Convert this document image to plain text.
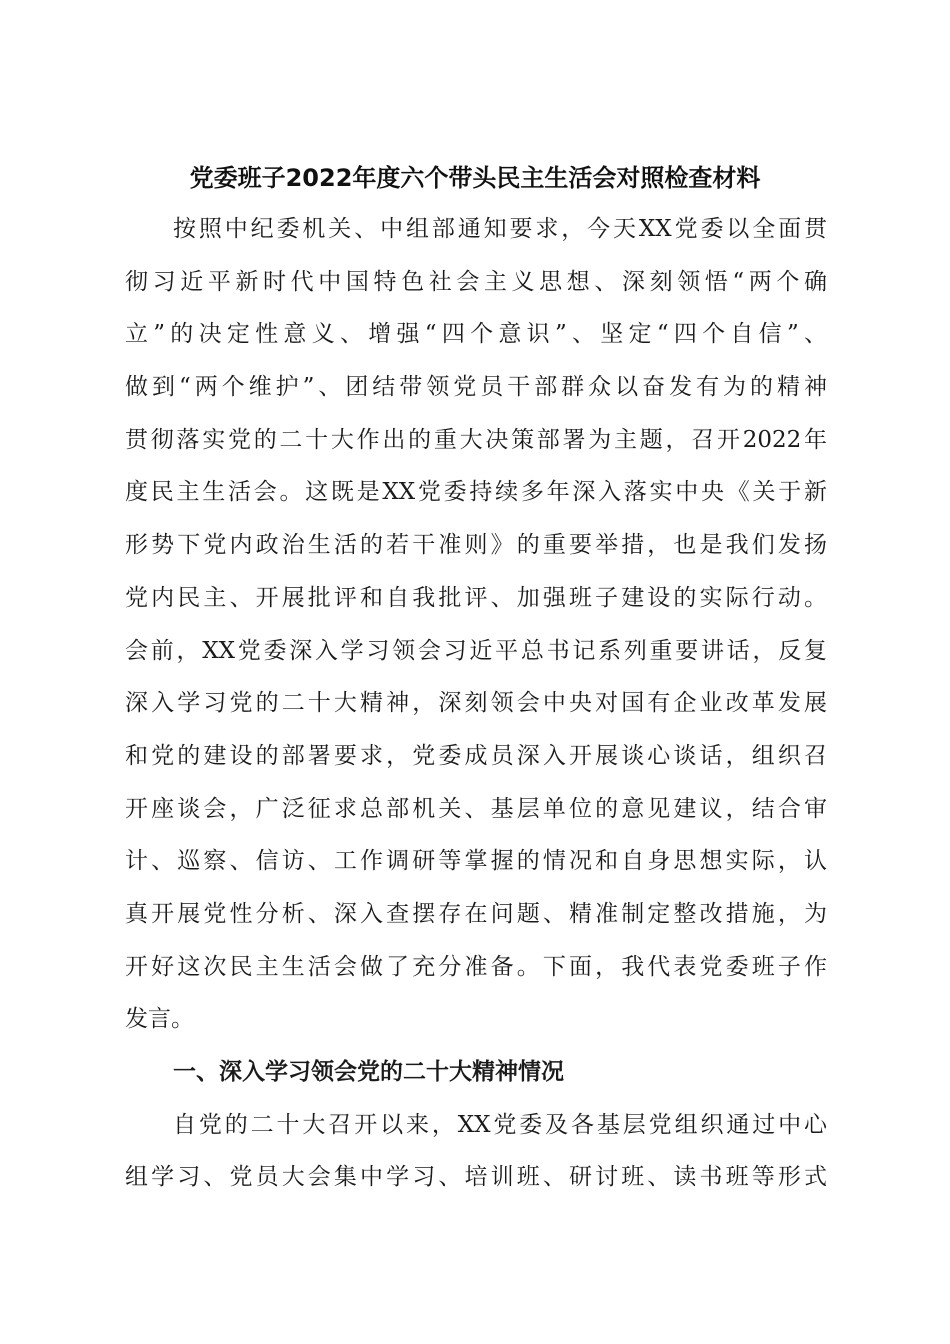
党委班子2022年度六个带头民主生活会对照检查材料
按照中纪委机关、中组部通知要求，今天XX党委以全面贯
彻习近平新时代中国特色社会主义思想、深刻领悟“两个确
立”的决定性意义、增强“四个意识”、坚定“四个自信”、
做到“两个维护”、团结带领党员干部群众以奋发有为的精神
贯彻落实党的二十大作出的重大决策部署为主题，召开2022年
度民主生活会。这既是XX党委持续多年深入落实中央《关于新
形势下党内政治生活的若干准则》的重要举措，也是我们发扬
党内民主、开展批评和自我批评、加强班子建设的实际行动。
会前，XX党委深入学习领会习近平总书记系列重要讲话，反复
深入学习党的二十大精神，深刻领会中央对国有企业改革发展
和党的建设的部署要求，党委成员深入开展谈心谈话，组织召
开座谈会，广泛征求总部机关、基层单位的意见建议，结合审
计、巡察、信访、工作调研等掌握的情况和自身思想实际，认
真开展党性分析、深入查摆存在问题、精准制定整改措施，为
开好这次民主生活会做了充分准备。下面，我代表党委班子作
发言。
一、深入学习领会党的二十大精神情况
自党的二十大召开以来，XX党委及各基层党组织通过中心
组学习、党员大会集中学习、培训班、研讨班、读书班等形式
